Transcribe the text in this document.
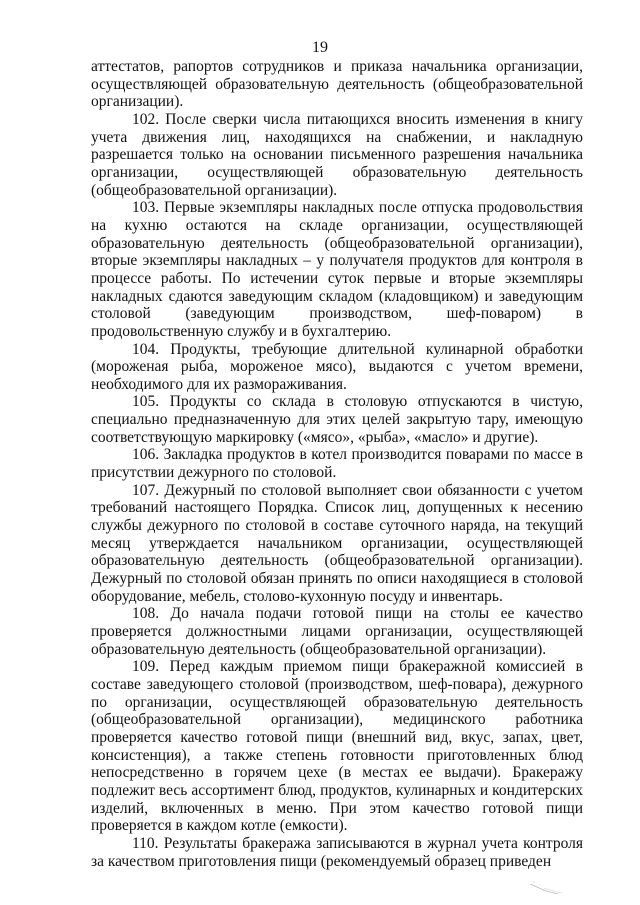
19

аттестатов, рапортов сотрудников и приказа начальника организации, осуществляющей образовательную деятельность (общеобразовательной организации).

102. После сверки числа питающихся вносить изменения в книгу учета движения лиц, находящихся на снабжении, и накладную разрешается только на основании письменного разрешения начальника организации, осуществляющей образовательную деятельность (общеобразовательной организации).

103. Первые экземпляры накладных после отпуска продовольствия на кухню остаются на складе организации, осуществляющей образовательную деятельность (общеобразовательной организации), вторые экземпляры накладных – у получателя продуктов для контроля в процессе работы. По истечении суток первые и вторые экземпляры накладных сдаются заведующим складом (кладовщиком) и заведующим столовой (заведующим производством, шеф-поваром) в продовольственную службу и в бухгалтерию.

104. Продукты, требующие длительной кулинарной обработки (мороженая рыба, мороженое мясо), выдаются с учетом времени, необходимого для их размораживания.

105. Продукты со склада в столовую отпускаются в чистую, специально предназначенную для этих целей закрытую тару, имеющую соответствующую маркировку («мясо», «рыба», «масло» и другие).

106. Закладка продуктов в котел производится поварами по массе в присутствии дежурного по столовой.

107. Дежурный по столовой выполняет свои обязанности с учетом требований настоящего Порядка. Список лиц, допущенных к несению службы дежурного по столовой в составе суточного наряда, на текущий месяц утверждается начальником организации, осуществляющей образовательную деятельность (общеобразовательной организации). Дежурный по столовой обязан принять по описи находящиеся в столовой оборудование, мебель, столово-кухонную посуду и инвентарь.

108. До начала подачи готовой пищи на столы ее качество проверяется должностными лицами организации, осуществляющей образовательную деятельность (общеобразовательной организации).

109. Перед каждым приемом пищи бракеражной комиссией в составе заведующего столовой (производством, шеф-повара), дежурного по организации, осуществляющей образовательную деятельность (общеобразовательной организации), медицинского работника проверяется качество готовой пищи (внешний вид, вкус, запах, цвет, консистенция), а также степень готовности приготовленных блюд непосредственно в горячем цехе (в местах ее выдачи). Бракеражу подлежит весь ассортимент блюд, продуктов, кулинарных и кондитерских изделий, включенных в меню. При этом качество готовой пищи проверяется в каждом котле (емкости).

110. Результаты бракеража записываются в журнал учета контроля за качеством приготовления пищи (рекомендуемый образец приведен
